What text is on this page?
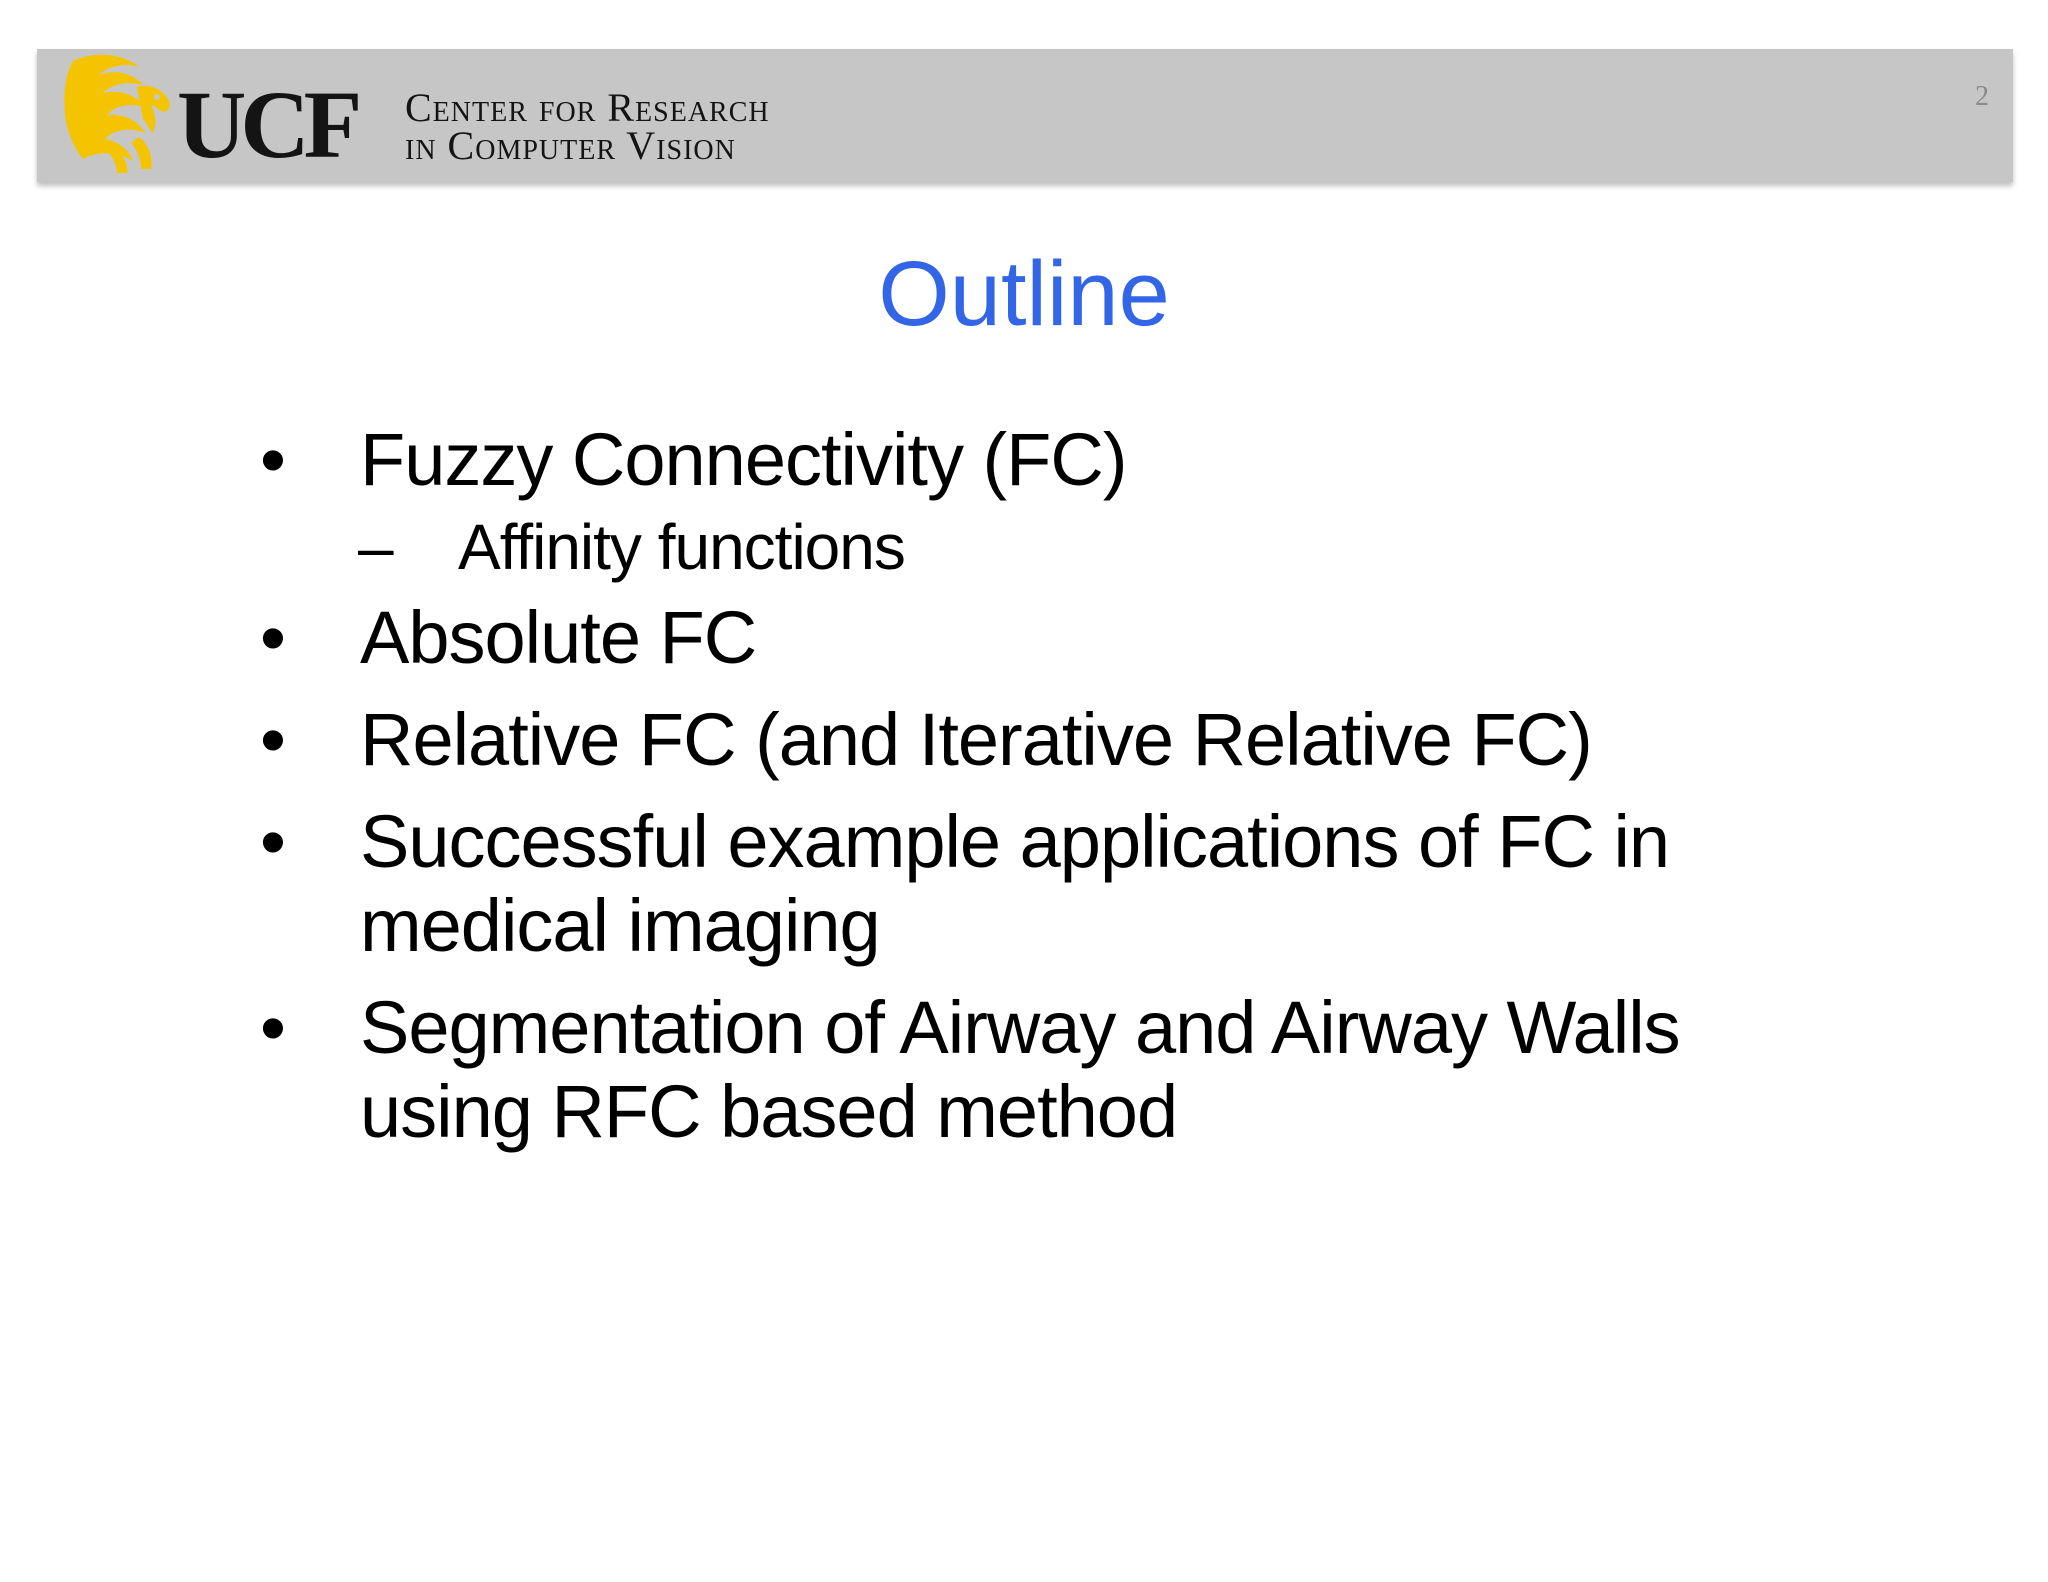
UCF Center for Research
in Computer Vision
2
Outline
• Fuzzy Connectivity (FC)
– Affinity functions
• Absolute FC
• Relative FC (and Iterative Relative FC)
• Successful example applications of FC in medical imaging
• Segmentation of Airway and Airway Walls using RFC based method
